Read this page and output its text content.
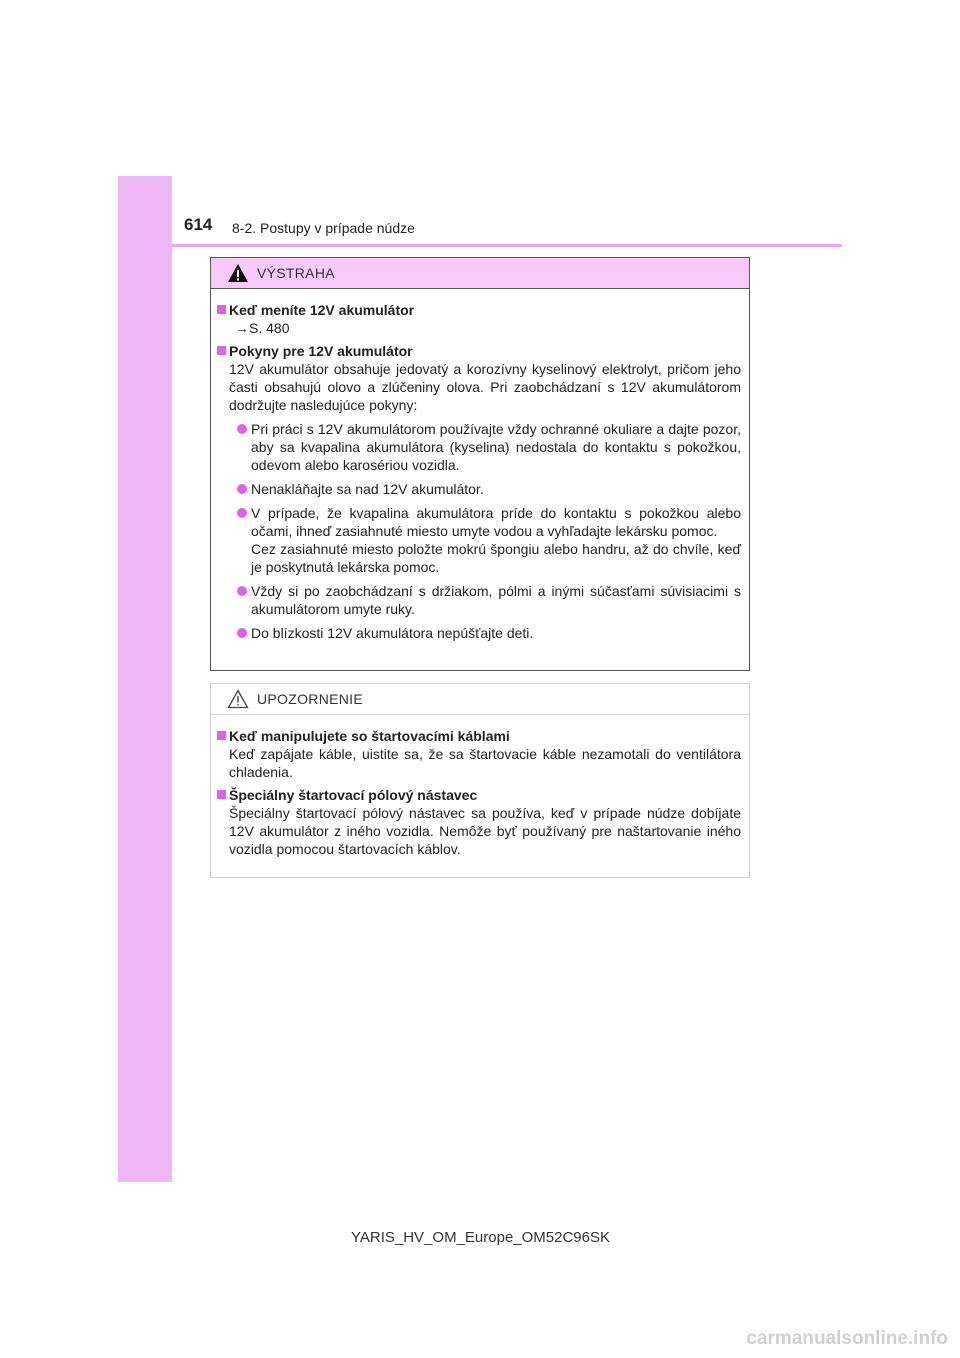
614 8-2. Postupy v prípade núdze
VÝSTRAHA
Keď meníte 12V akumulátor
→S. 480
Pokyny pre 12V akumulátor
12V akumulátor obsahuje jedovatý a korozívny kyselinový elektrolyt, pričom jeho časti obsahujú olovo a zlúčeniny olova. Pri zaobchádzaní s 12V akumulátorom dodržujte nasledujúce pokyny:
Pri práci s 12V akumulátorom používajte vždy ochranné okuliare a dajte pozor, aby sa kvapalina akumulátora (kyselina) nedostala do kontaktu s pokožkou, odevom alebo karosériou vozidla.
Nenakláňajte sa nad 12V akumulátor.
V prípade, že kvapalina akumulátora príde do kontaktu s pokožkou alebo očami, ihneď zasiahnuté miesto umyte vodou a vyhľadajte lekársku pomoc.
Cez zasiahnuté miesto položte mokrú špongiu alebo handru, až do chvíle, keď je poskytnutá lekárska pomoc.
Vždy si po zaobchádzaní s držiakom, pólmi a inými súčasťami súvisiacimi s akumulátorom umyte ruky.
Do blízkosti 12V akumulátora nepúšťajte deti.
UPOZORNENIE
Keď manipulujete so štartovacími káblami
Keď zapájate káble, uistite sa, že sa štartovacie káble nezamotali do ventilátora chladenia.
Špeciálny štartovací pólový nástavec
Špeciálny štartovací pólový nástavec sa používa, keď v prípade núdze dobíjate 12V akumulátor z iného vozidla. Nemôže byť používaný pre naštartovanie iného vozidla pomocou štartovacích káblov.
YARIS_HV_OM_Europe_OM52C96SK
carmanualsonline.info
